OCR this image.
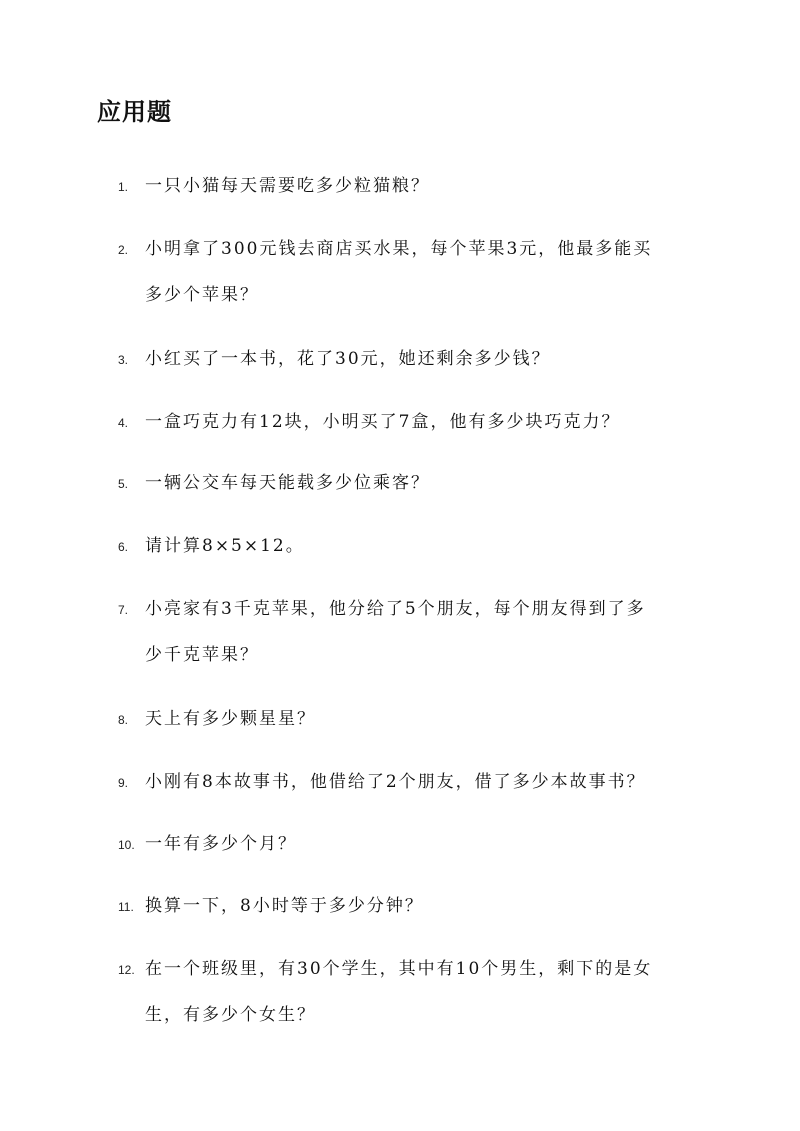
应用题
1. 一只小猫每天需要吃多少粒猫粮？
2. 小明拿了300元钱去商店买水果，每个苹果3元，他最多能买
多少个苹果？
3. 小红买了一本书，花了30元，她还剩余多少钱？
4. 一盒巧克力有12块，小明买了7盒，他有多少块巧克力？
5. 一辆公交车每天能载多少位乘客？
6. 请计算8×5×12。
7. 小亮家有3千克苹果，他分给了5个朋友，每个朋友得到了多
少千克苹果？
8. 天上有多少颗星星？
9. 小刚有8本故事书，他借给了2个朋友，借了多少本故事书？
10. 一年有多少个月？
11. 换算一下，8小时等于多少分钟？
12. 在一个班级里，有30个学生，其中有10个男生，剩下的是女
生，有多少个女生？
